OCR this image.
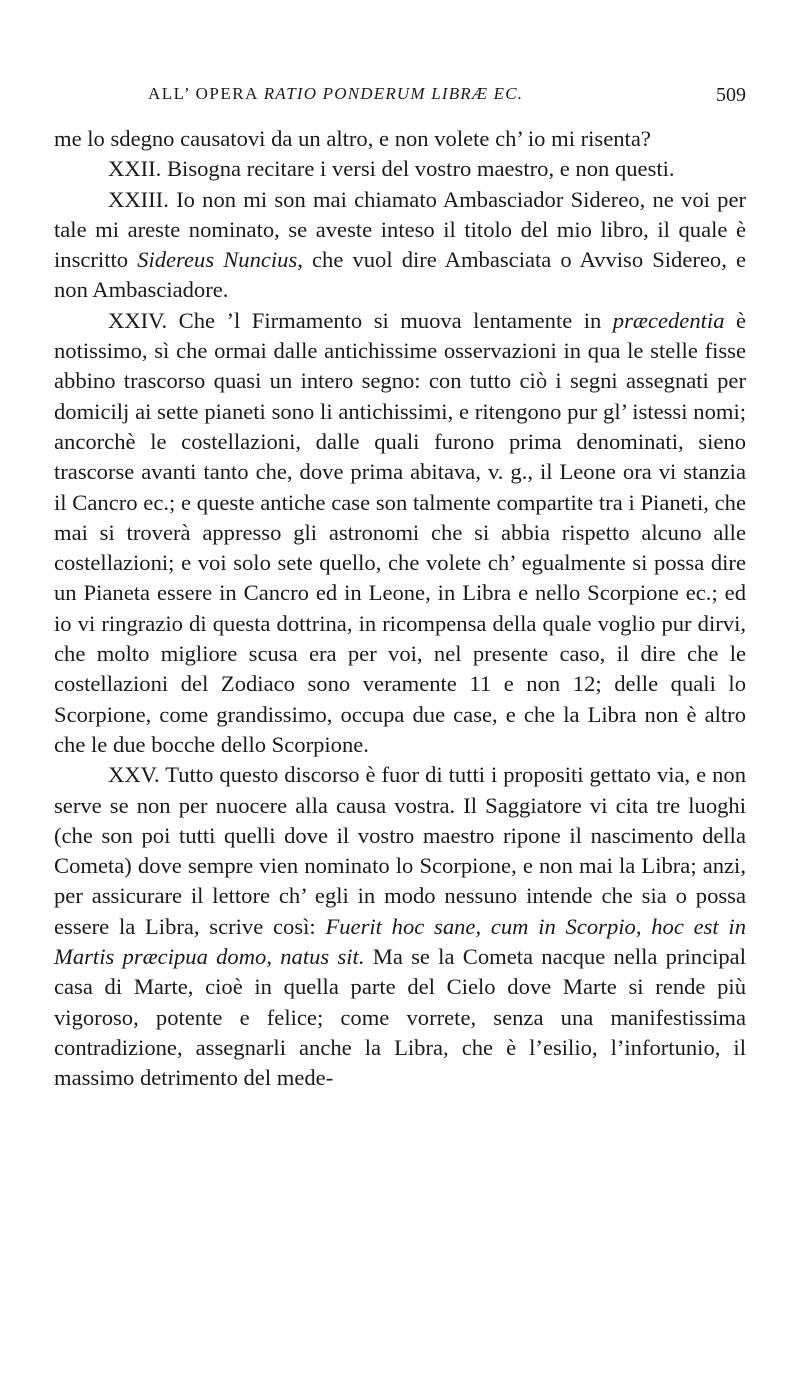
ALL’ OPERA RATIO PONDERUM LIBRÆ EC.	509

me lo sdegno causatovi da un altro, e non volete ch’ io mi risenta?

XXII. Bisogna recitare i versi del vostro maestro, e non questi.

XXIII. Io non mi son mai chiamato Ambasciador Sidereo, ne voi per tale mi areste nominato, se aveste inteso il titolo del mio libro, il quale è inscritto Sidereus Nuncius, che vuol dire Ambasciata o Avviso Sidereo, e non Ambasciadore.

XXIV. Che ’l Firmamento si muova lentamente in præcedentia è notissimo, sì che ormai dalle antichissime osservazioni in qua le stelle fisse abbino trascorso quasi un intero segno: con tutto ciò i segni assegnati per domicilj ai sette pianeti sono li antichissimi, e ritengono pur gl’ istessi nomi; ancorchè le costellazioni, dalle quali furono prima denominati, sieno trascorse avanti tanto che, dove prima abitava, v. g., il Leone ora vi stanzia il Cancro ec.; e queste antiche case son talmente compartite tra i Pianeti, che mai si troverà appresso gli astronomi che si abbia rispetto alcuno alle costellazioni; e voi solo sete quello, che volete ch’ egualmente si possa dire un Pianeta essere in Cancro ed in Leone, in Libra e nello Scorpione ec.; ed io vi ringrazio di questa dottrina, in ricompensa della quale voglio pur dirvi, che molto migliore scusa era per voi, nel presente caso, il dire che le costellazioni del Zodiaco sono veramente 11 e non 12; delle quali lo Scorpione, come grandissimo, occupa due case, e che la Libra non è altro che le due bocche dello Scorpione.

XXV. Tutto questo discorso è fuor di tutti i propositi gettato via, e non serve se non per nuocere alla causa vostra. Il Saggiatore vi cita tre luoghi (che son poi tutti quelli dove il vostro maestro ripone il nascimento della Cometa) dove sempre vien nominato lo Scorpione, e non mai la Libra; anzi, per assicurare il lettore ch’ egli in modo nessuno intende che sia o possa essere la Libra, scrive così: Fuerit hoc sane, cum in Scorpio, hoc est in Martis præcipua domo, natus sit. Ma se la Cometa nacque nella principal casa di Marte, cioè in quella parte del Cielo dove Marte si rende più vigoroso, potente e felice; come vorrete, senza una manifestissima contradizione, assegnarli anche la Libra, che è l’esilio, l’infortunio, il massimo detrimento del mede-
